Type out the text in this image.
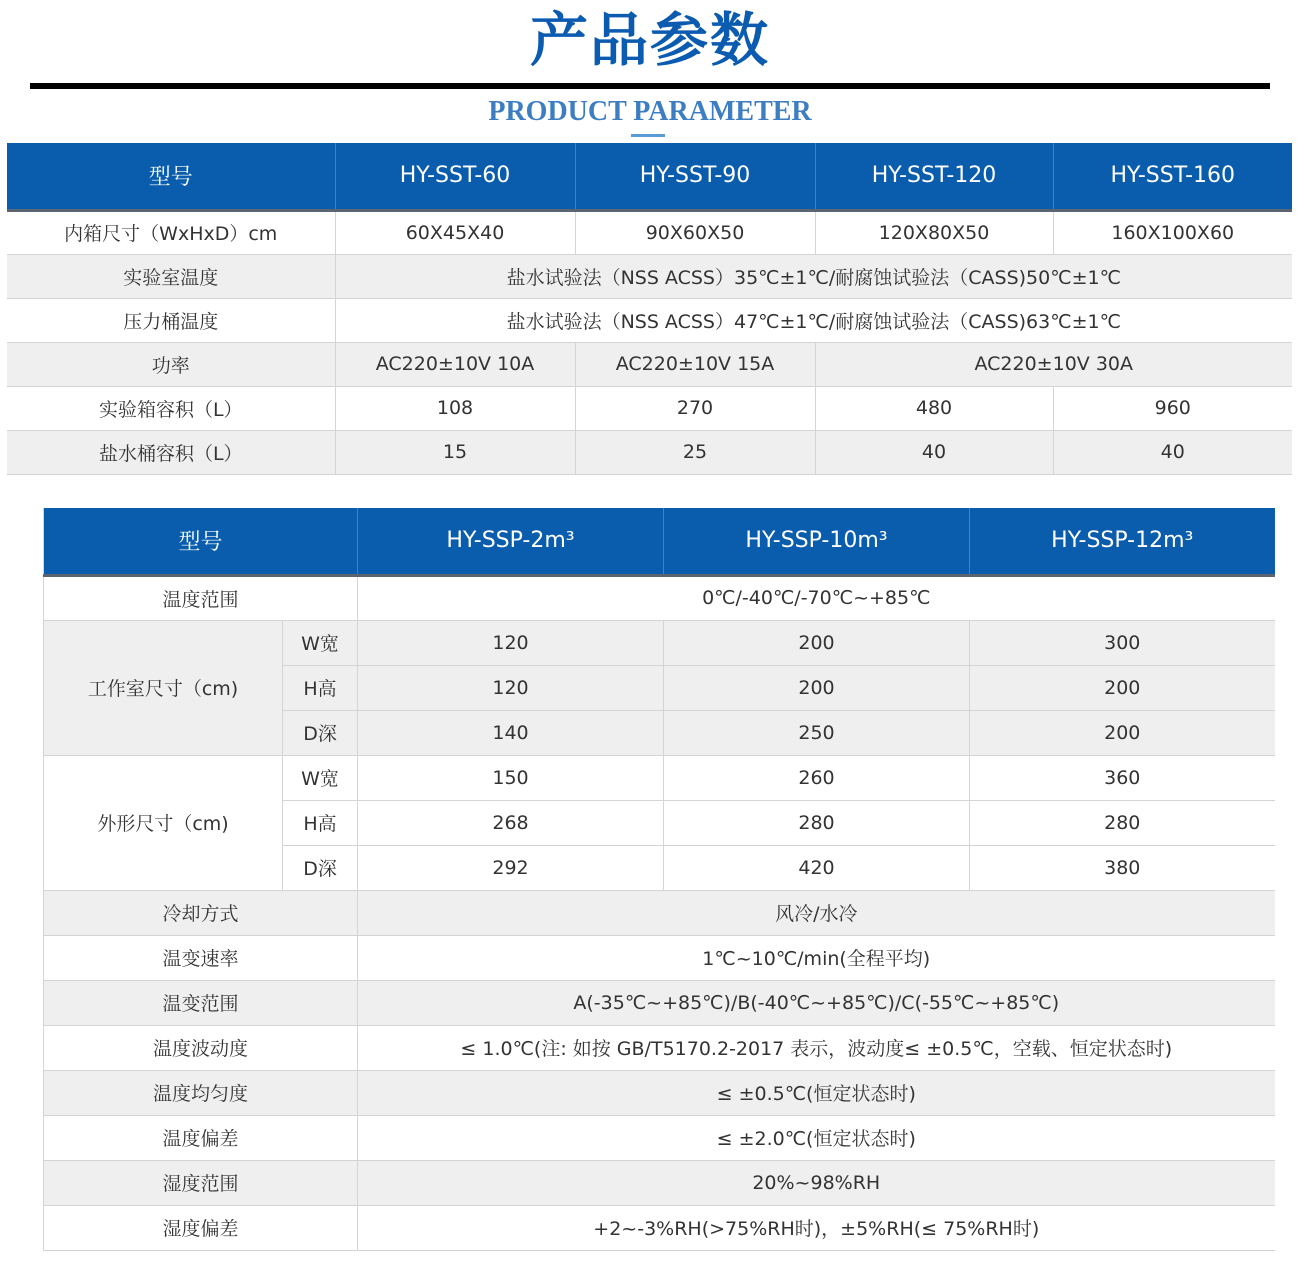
产品参数
PRODUCT PARAMETER
型号	HY-SST-60	HY-SST-90	HY-SST-120	HY-SST-160
内箱尺寸（WxHxD）cm	60X45X40	90X60X50	120X80X50	160X100X60
实验室温度	盐水试验法（NSS ACSS）35℃±1℃/耐腐蚀试验法（CASS)50℃±1℃			
压力桶温度	盐水试验法（NSS ACSS）47℃±1℃/耐腐蚀试验法（CASS)63℃±1℃			
功率	AC220±10V 10A	AC220±10V 15A	AC220±10V 30A	
实验箱容积（L）	108	270	480	960
盐水桶容积（L）	15	25	40	40
型号		HY-SSP-2m³	HY-SSP-10m³	HY-SSP-12m³
温度范围		0℃/-40℃/-70℃~+85℃		
工作室尺寸（cm)	W宽	120	200	300
	H高	120	200	200
	D深	140	250	200
外形尺寸（cm)	W宽	150	260	360
	H高	268	280	280
	D深	292	420	380
冷却方式		风冷/水冷		
温变速率		1℃~10℃/min(全程平均)		
温变范围		A(-35℃~+85℃)/B(-40℃~+85℃)/C(-55℃~+85℃)		
温度波动度		≤ 1.0℃(注: 如按 GB/T5170.2-2017 表示，波动度≤ ±0.5℃，空载、恒定状态时)		
温度均匀度		≤ ±0.5℃(恒定状态时)		
温度偏差		≤ ±2.0℃(恒定状态时)		
湿度范围		20%~98%RH		
湿度偏差		+2~-3%RH(>75%RH时)，±5%RH(≤ 75%RH时)		
